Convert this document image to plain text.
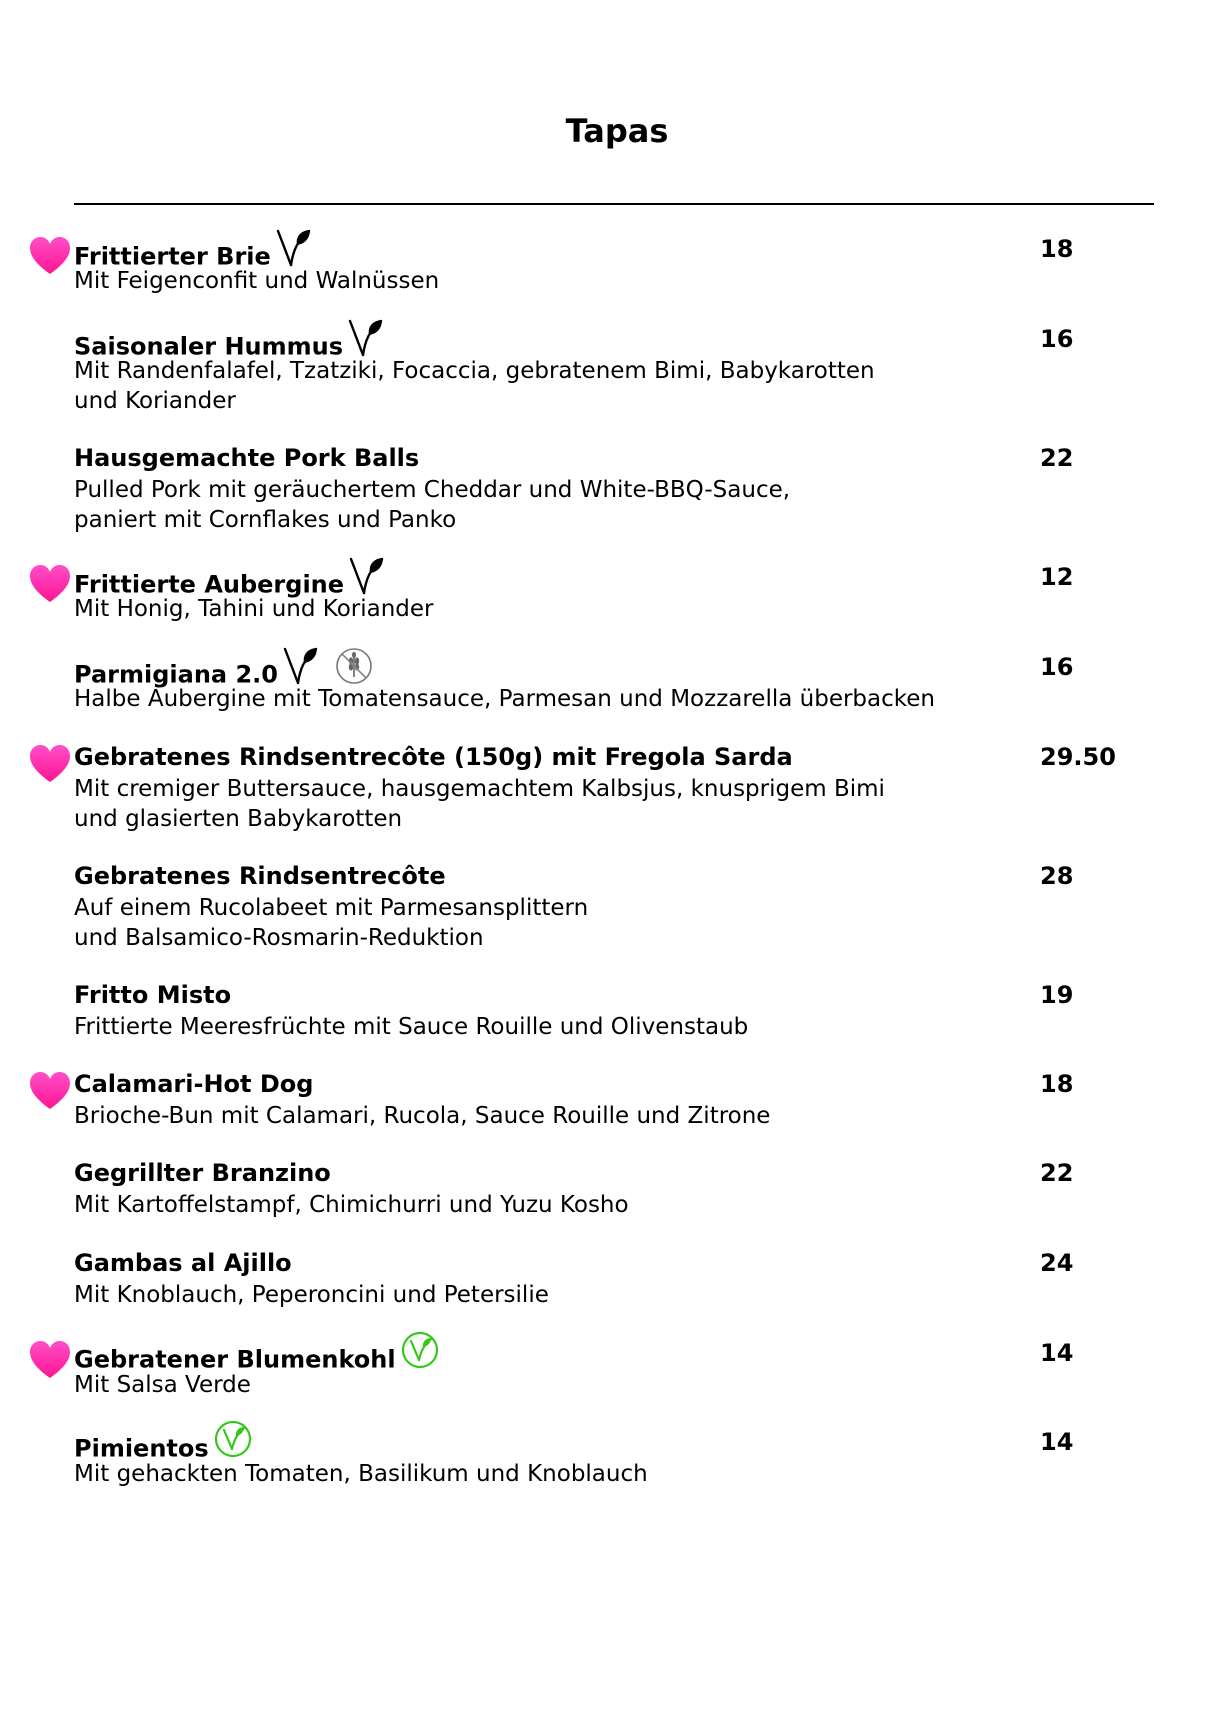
Tapas
Frittierter Brie	18
Mit Feigenconfit und Walnüssen
Saisonaler Hummus	16
Mit Randenfalafel, Tzatziki, Focaccia, gebratenem Bimi, Babykarotten
und Koriander
Hausgemachte Pork Balls	22
Pulled Pork mit geräuchertem Cheddar und White-BBQ-Sauce,
paniert mit Cornflakes und Panko
Frittierte Aubergine	12
Mit Honig, Tahini und Koriander
Parmigiana 2.0	16
Halbe Aubergine mit Tomatensauce, Parmesan und Mozzarella überbacken
Gebratenes Rindsentrecôte (150g) mit Fregola Sarda	29.50
Mit cremiger Buttersauce, hausgemachtem Kalbsjus, knusprigem Bimi
und glasierten Babykarotten
Gebratenes Rindsentrecôte	28
Auf einem Rucolabeet mit Parmesansplittern
und Balsamico-Rosmarin-Reduktion
Fritto Misto	19
Frittierte Meeresfrüchte mit Sauce Rouille und Olivenstaub
Calamari-Hot Dog	18
Brioche-Bun mit Calamari, Rucola, Sauce Rouille und Zitrone
Gegrillter Branzino	22
Mit Kartoffelstampf, Chimichurri und Yuzu Kosho
Gambas al Ajillo	24
Mit Knoblauch, Peperoncini und Petersilie
Gebratener Blumenkohl	14
Mit Salsa Verde
Pimientos	14
Mit gehackten Tomaten, Basilikum und Knoblauch
